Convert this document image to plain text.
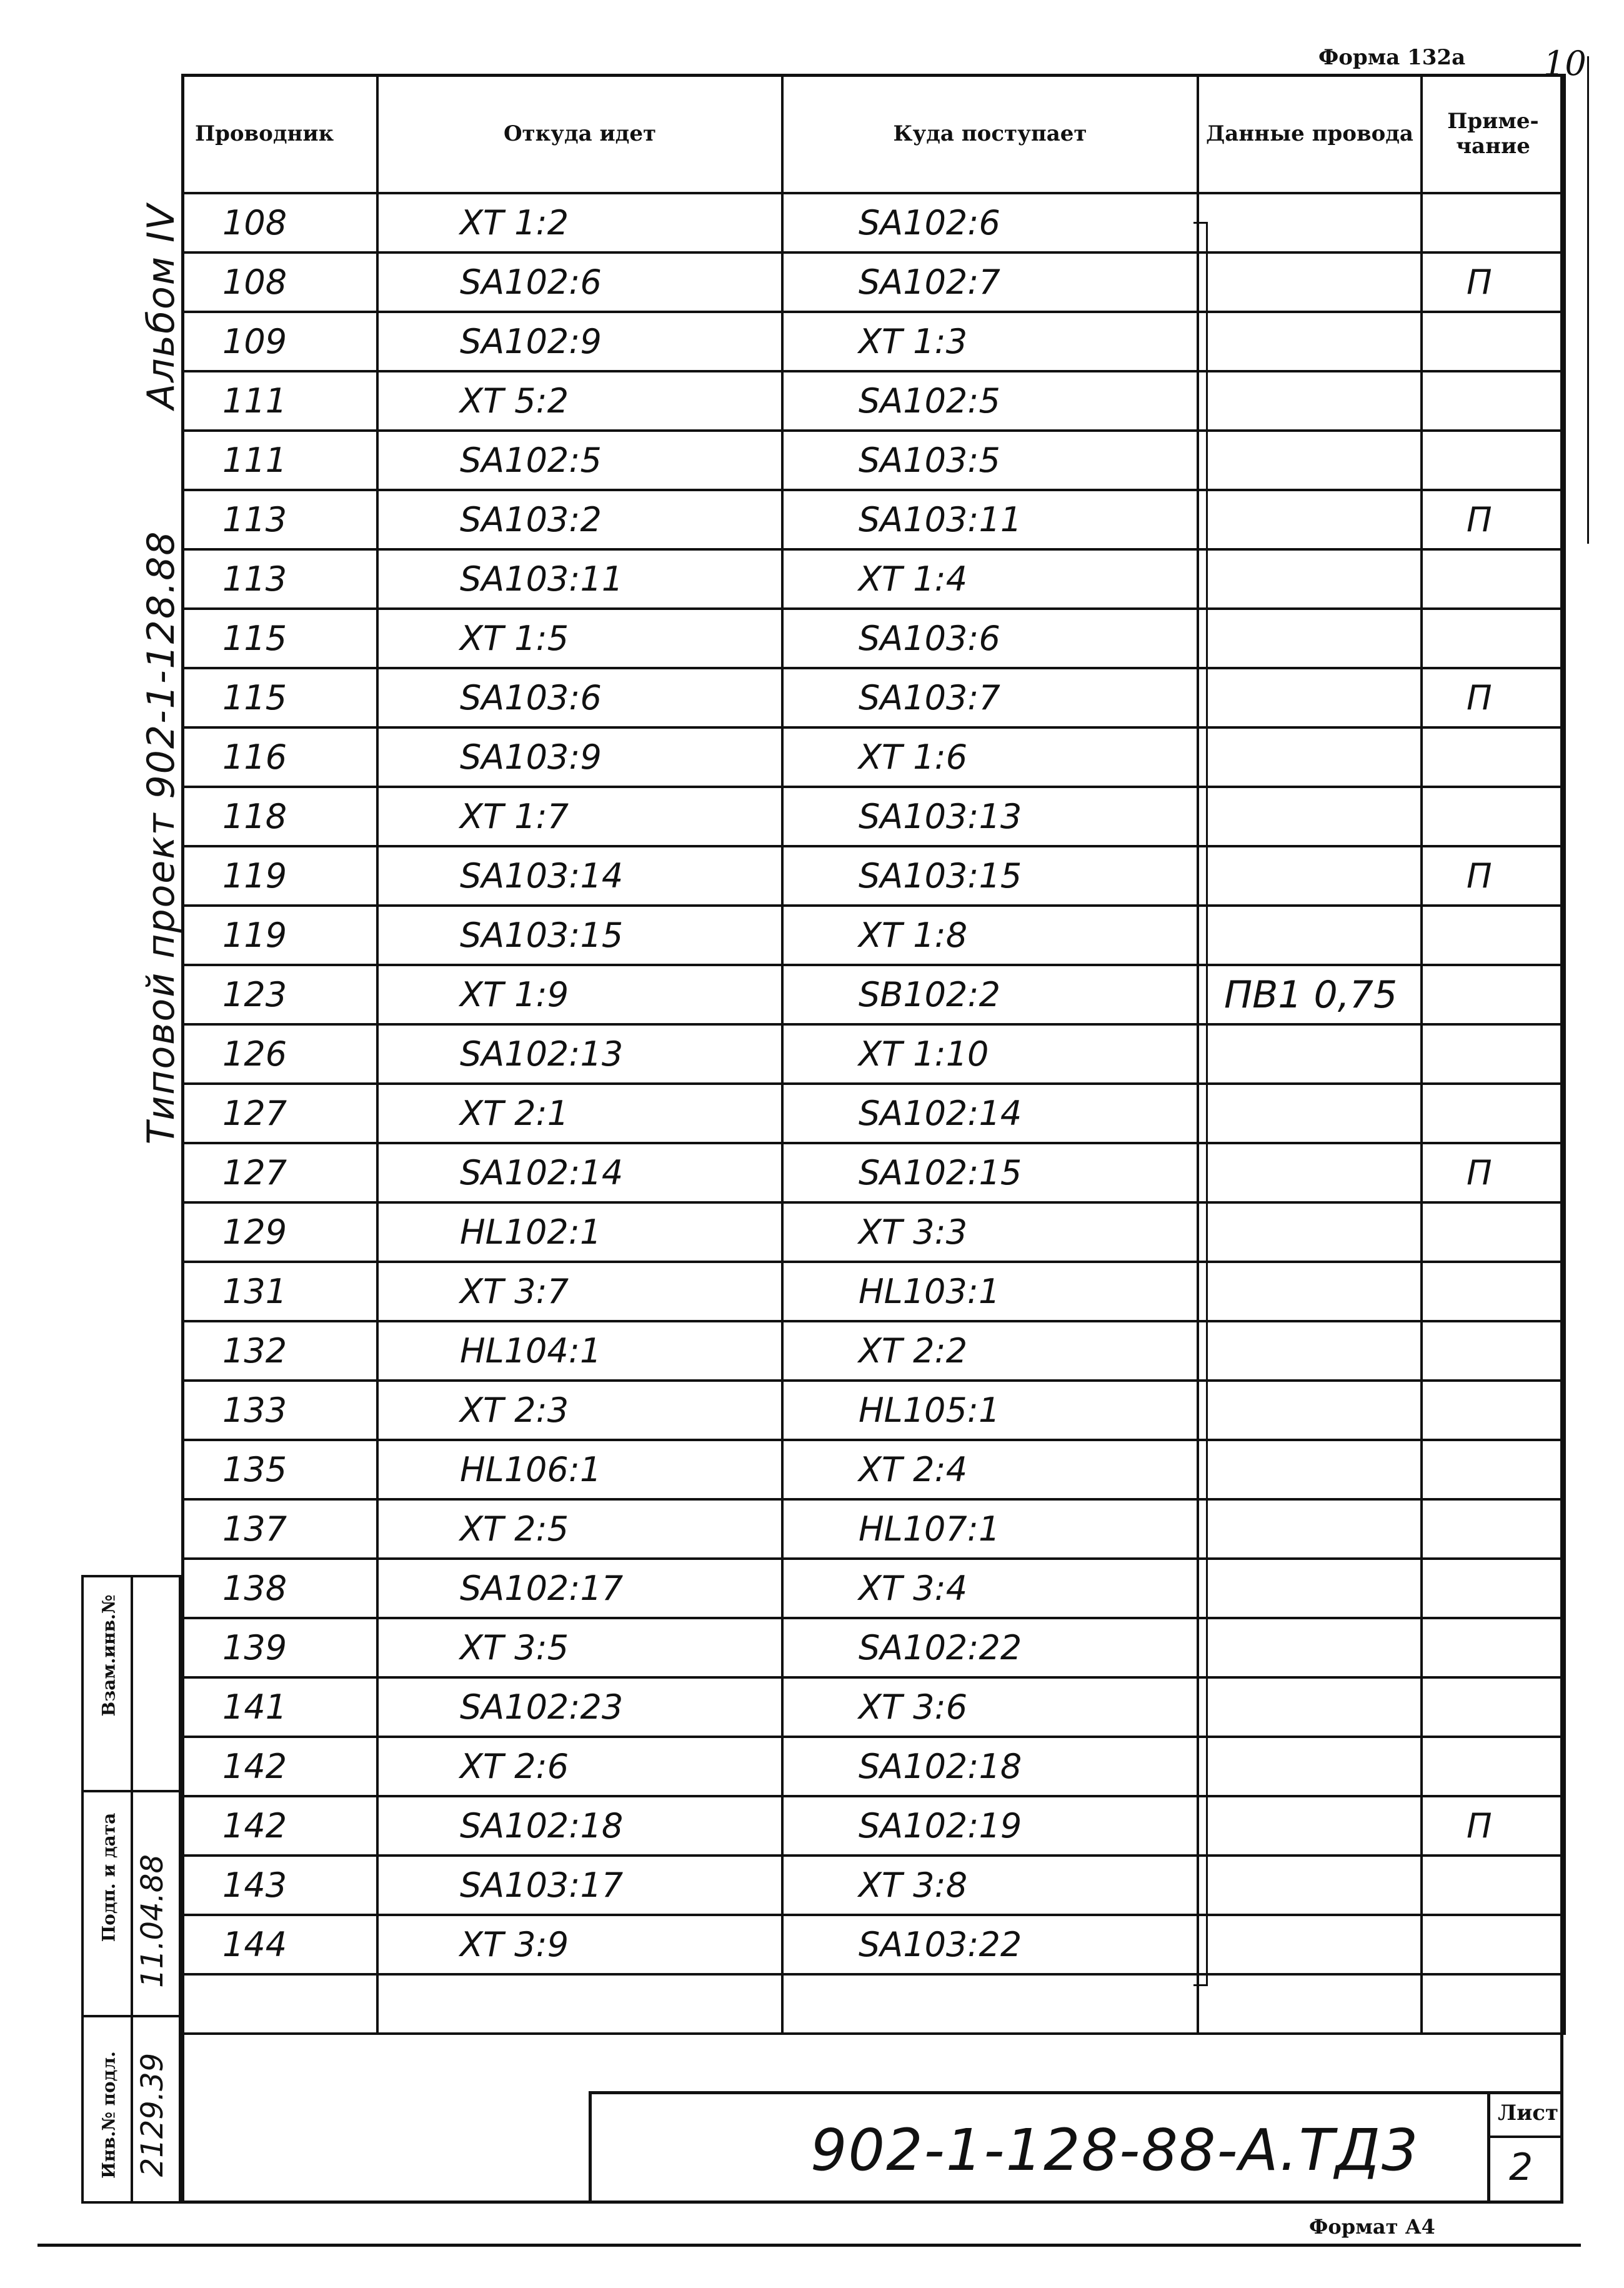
Форма 132а 10
Альбом IV
Типовой проект 902-1-128.88
Проводник	Откуда идет	Куда поступает	Данные провода	Приме-чание
108	XT 1:2	SA102:6		
108	SA102:6	SA102:7		П
109	SA102:9	XT 1:3		
111	XT 5:2	SA102:5		
111	SA102:5	SA103:5		
113	SA103:2	SA103:11		П
113	SA103:11	XT 1:4		
115	XT 1:5	SA103:6		
115	SA103:6	SA103:7		П
116	SA103:9	XT 1:6		
118	XT 1:7	SA103:13		
119	SA103:14	SA103:15		П
119	SA103:15	XT 1:8		
123	XT 1:9	SB102:2	ПВ1 0,75	
126	SA102:13	XT 1:10		
127	XT 2:1	SA102:14		
127	SA102:14	SA102:15		П
129	HL102:1	XT 3:3		
131	XT 3:7	HL103:1		
132	HL104:1	XT 2:2		
133	XT 2:3	HL105:1		
135	HL106:1	XT 2:4		
137	XT 2:5	HL107:1		
138	SA102:17	XT 3:4		
139	XT 3:5	SA102:22		
141	SA102:23	XT 3:6		
142	XT 2:6	SA102:18		
142	SA102:18	SA102:19		П
143	SA103:17	XT 3:8		
144	XT 3:9	SA103:22		

Взам.инв.№
Подп. и дата 11.04.88
Инв.№ подл. 2129.39	902-1-128-88-А.ТД3
Лист
2
Формат А4
